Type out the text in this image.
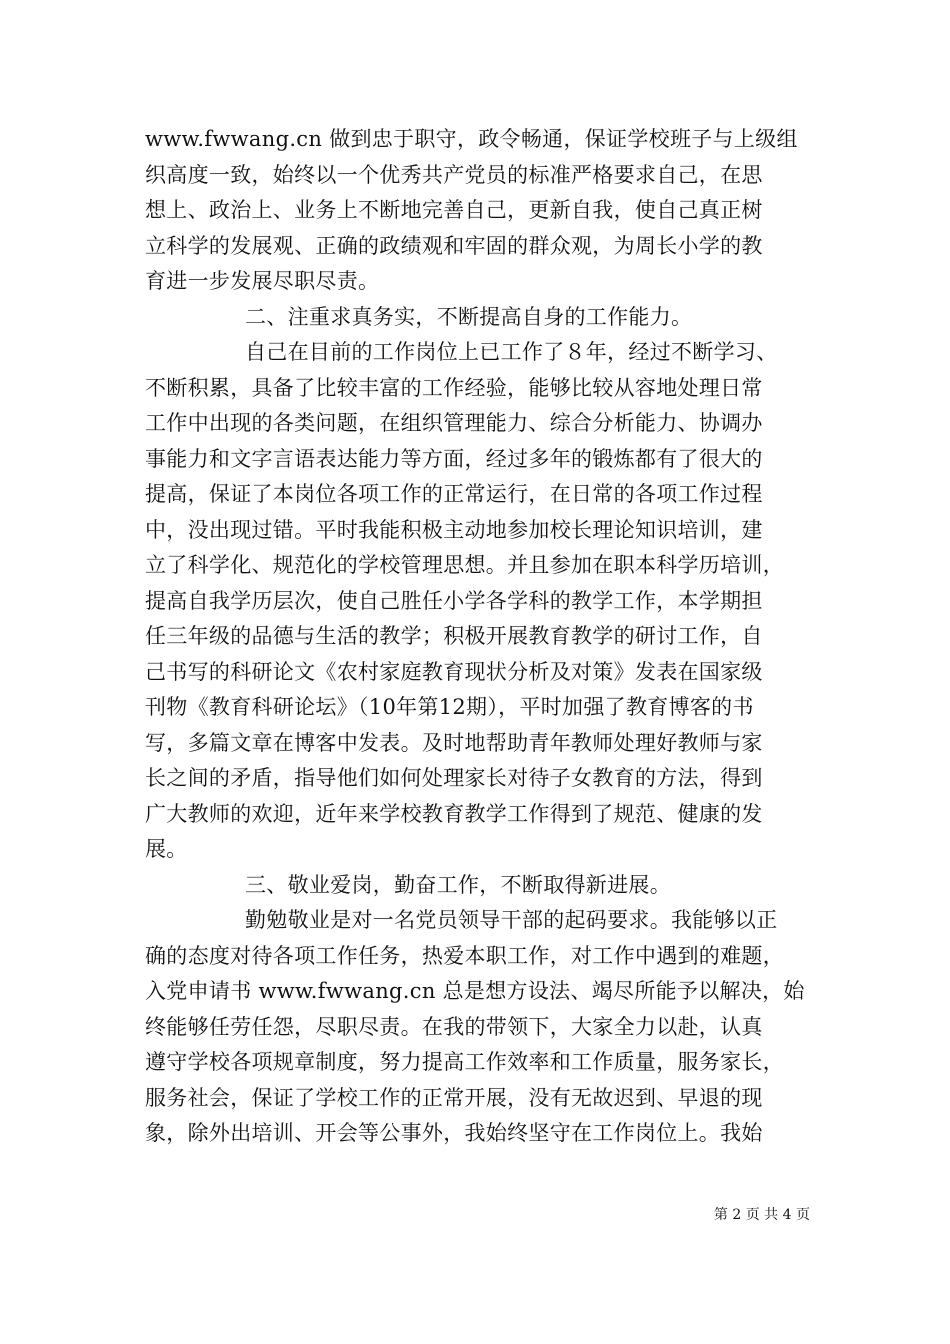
www.fwwang.cn 做到忠于职守，政令畅通，保证学校班子与上级组
织高度一致，始终以一个优秀共产党员的标准严格要求自己，在思
想上、政治上、业务上不断地完善自己，更新自我，使自己真正树
立科学的发展观、正确的政绩观和牢固的群众观，为周长小学的教
育进一步发展尽职尽责。
二、注重求真务实，不断提高自身的工作能力。
自己在目前的工作岗位上已工作了８年，经过不断学习、
不断积累，具备了比较丰富的工作经验，能够比较从容地处理日常
工作中出现的各类问题，在组织管理能力、综合分析能力、协调办
事能力和文字言语表达能力等方面，经过多年的锻炼都有了很大的
提高，保证了本岗位各项工作的正常运行，在日常的各项工作过程
中，没出现过错。平时我能积极主动地参加校长理论知识培训，建
立了科学化、规范化的学校管理思想。并且参加在职本科学历培训，
提高自我学历层次，使自己胜任小学各学科的教学工作，本学期担
任三年级的品德与生活的教学；积极开展教育教学的研讨工作，自
己书写的科研论文《农村家庭教育现状分析及对策》发表在国家级
刊物《教育科研论坛》（10年第12期），平时加强了教育博客的书
写，多篇文章在博客中发表。及时地帮助青年教师处理好教师与家
长之间的矛盾，指导他们如何处理家长对待子女教育的方法，得到
广大教师的欢迎，近年来学校教育教学工作得到了规范、健康的发
展。
三、敬业爱岗，勤奋工作，不断取得新进展。
勤勉敬业是对一名党员领导干部的起码要求。我能够以正
确的态度对待各项工作任务，热爱本职工作，对工作中遇到的难题，
入党申请书 www.fwwang.cn 总是想方设法、竭尽所能予以解决，始
终能够任劳任怨，尽职尽责。在我的带领下，大家全力以赴，认真
遵守学校各项规章制度，努力提高工作效率和工作质量，服务家长，
服务社会，保证了学校工作的正常开展，没有无故迟到、早退的现
象，除外出培训、开会等公事外，我始终坚守在工作岗位上。我始
第 2 页 共 4 页
